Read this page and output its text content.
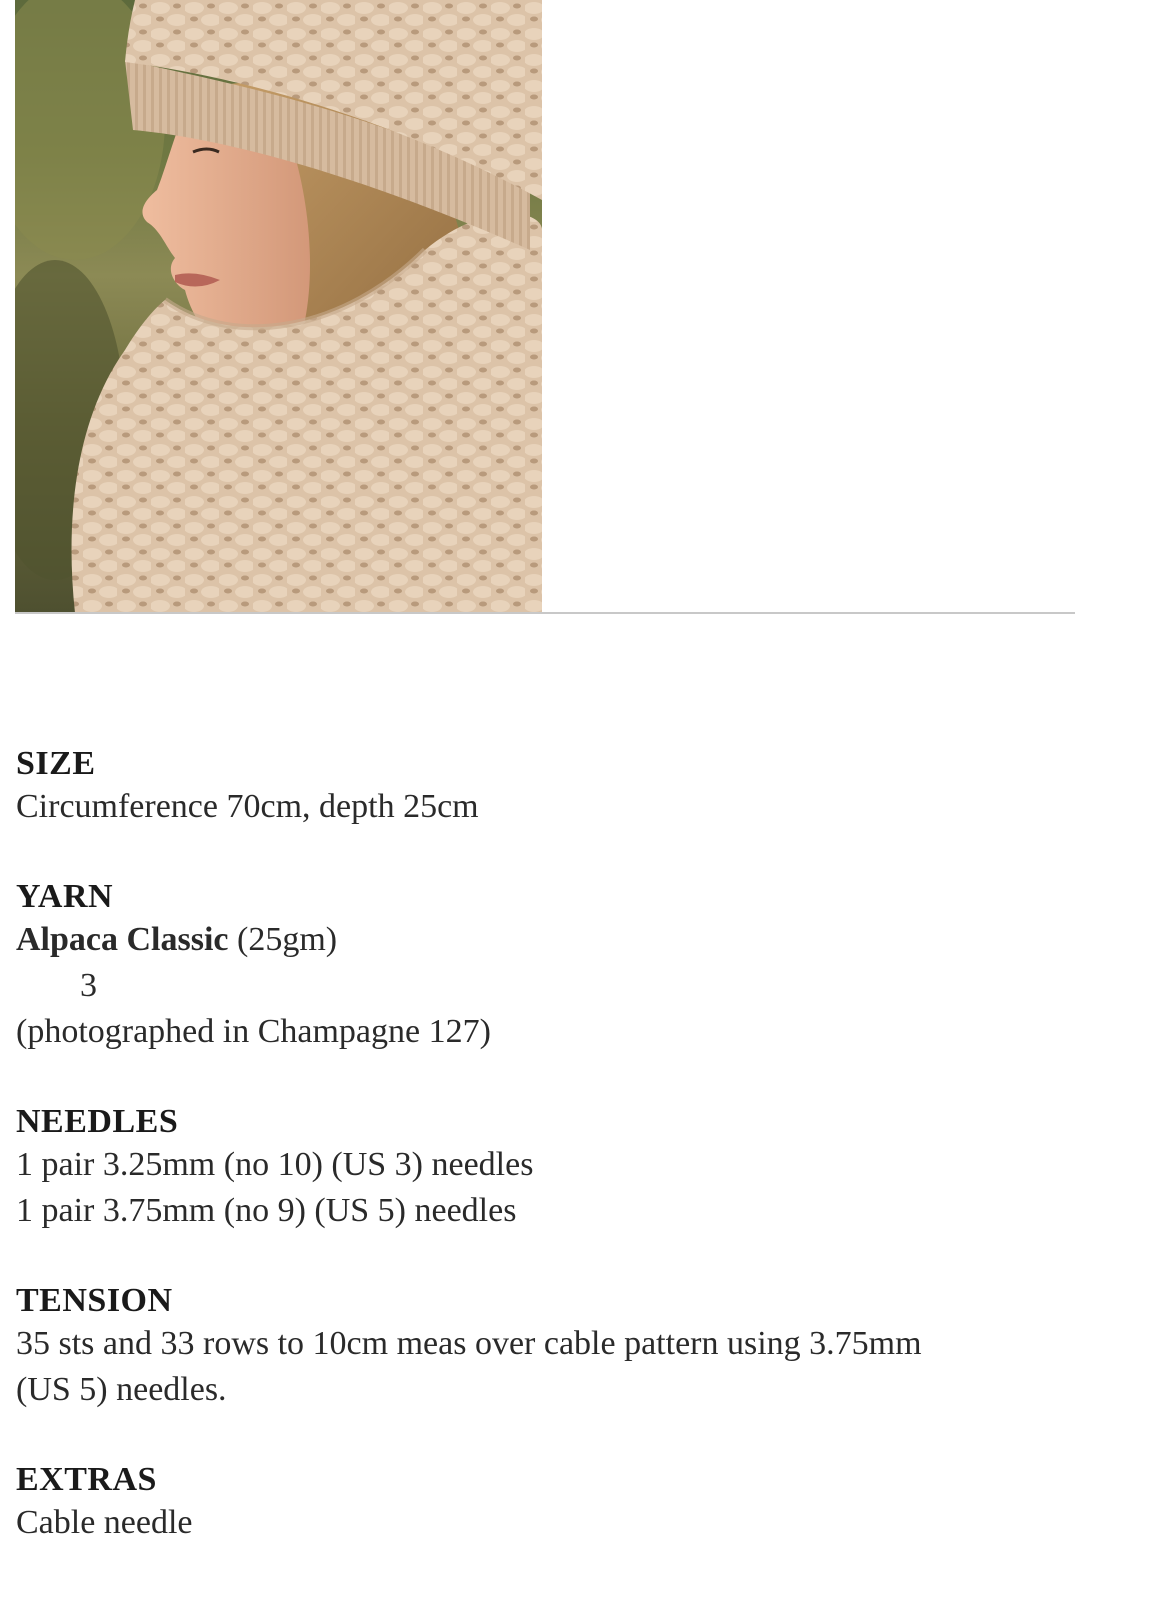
SIZE

Circumference 70cm, depth 25cm

YARN

Alpaca Classic (25gm)

3

(photographed in Champagne 127)

NEEDLES

1 pair 3.25mm (no 10) (US 3) needles

1 pair 3.75mm (no 9) (US 5) needles

TENSION

35 sts and 33 rows to 10cm meas over cable pattern using 3.75mm

(US 5) needles.

EXTRAS

Cable needle
